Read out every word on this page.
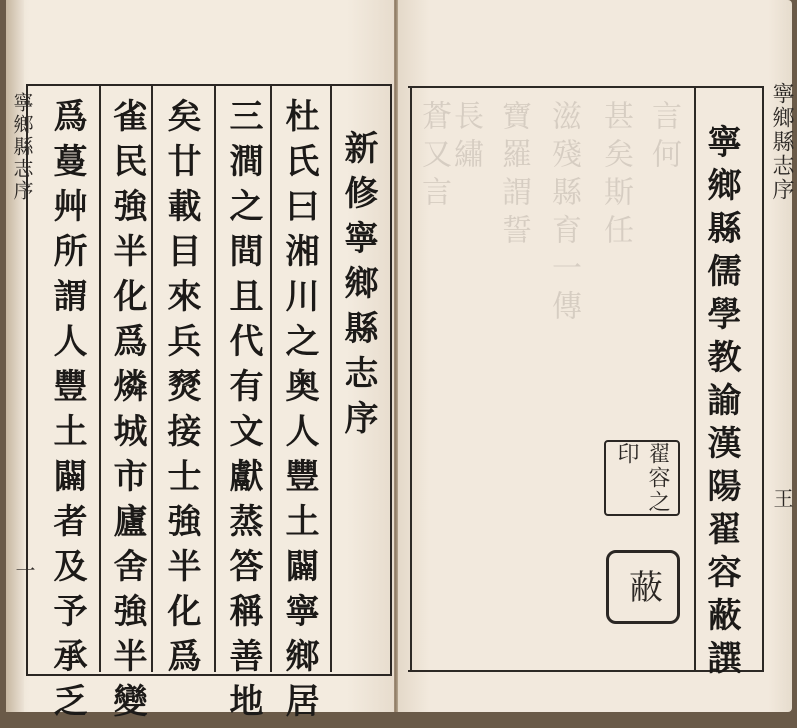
寧鄉縣志序
一
新修寧鄉縣志序
杜氏曰湘川之奥人豐土闢寧鄉居
三澗之間且代有文獻蒸答稱善地
矣廿載目來兵燹接士強半化爲
雀民強半化爲燐城市廬舍強半變
爲蔓艸所謂人豐土闢者及予承乏	言何
甚矣斯任
滋殘縣育一傳
寶羅謂誓
長繡
蒼又言	寧鄉縣儒學教諭漢陽翟容蔽譔
翟容之印
蔽
寧鄉縣志序
王
